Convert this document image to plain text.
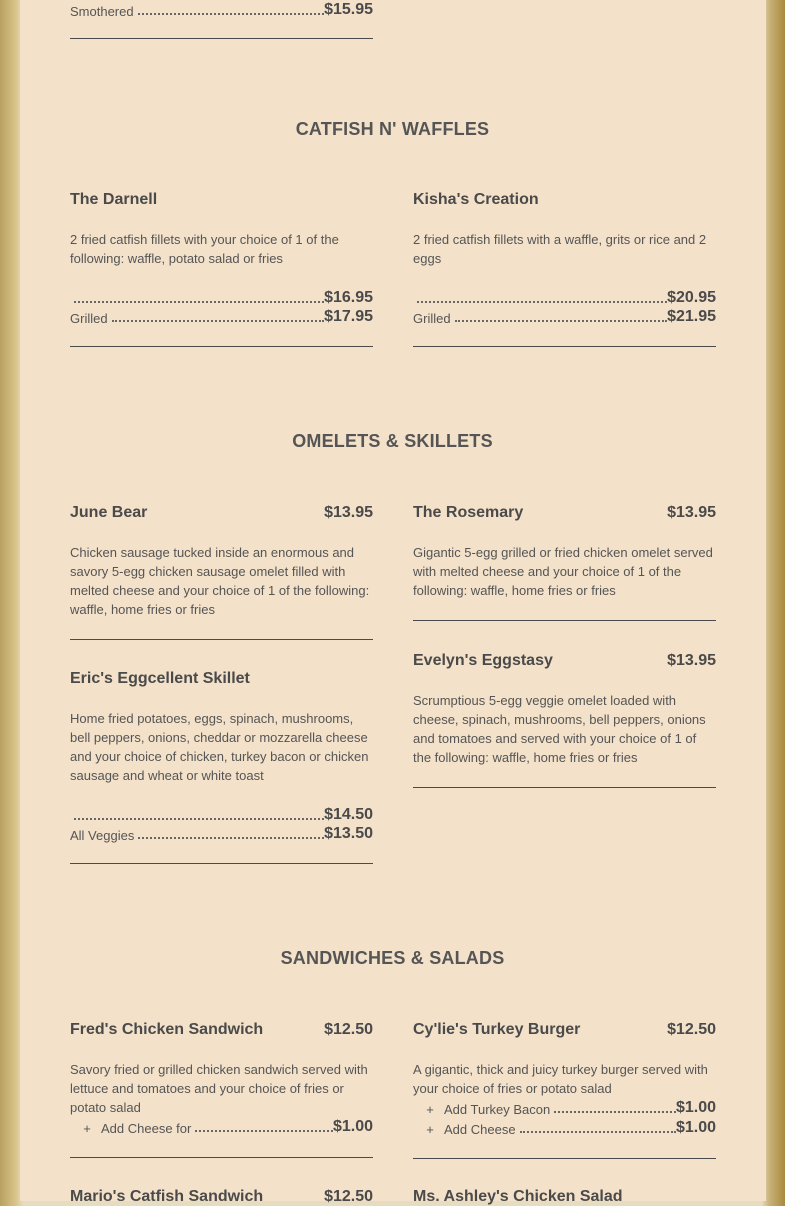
Smothered	$15.95
CATFISH N' WAFFLES
The Darnell
2 fried catfish fillets with your choice of 1 of the following: waffle, potato salad or fries
$16.95
Grilled	$17.95
Kisha's Creation
2 fried catfish fillets with a waffle, grits or rice and 2 eggs
$20.95
Grilled	$21.95
OMELETS & SKILLETS
June Bear	$13.95
Chicken sausage tucked inside an enormous and savory 5-egg chicken sausage omelet filled with melted cheese and your choice of 1 of the following: waffle, home fries or fries
The Rosemary	$13.95
Gigantic 5-egg grilled or fried chicken omelet served with melted cheese and your choice of 1 of the following: waffle, home fries or fries
Eric's Eggcellent Skillet
Home fried potatoes, eggs, spinach, mushrooms, bell peppers, onions, cheddar or mozzarella cheese and your choice of chicken, turkey bacon or chicken sausage and wheat or white toast
$14.50
All Veggies	$13.50
Evelyn's Eggstasy	$13.95
Scrumptious 5-egg veggie omelet loaded with cheese, spinach, mushrooms, bell peppers, onions and tomatoes and served with your choice of 1 of the following: waffle, home fries or fries
SANDWICHES & SALADS
Fred's Chicken Sandwich	$12.50
Savory fried or grilled chicken sandwich served with lettuce and tomatoes and your choice of fries or potato salad
+ Add Cheese for	$1.00
Cy'lie's Turkey Burger	$12.50
A gigantic, thick and juicy turkey burger served with your choice of fries or potato salad
+ Add Turkey Bacon	$1.00
+ Add Cheese	$1.00
Mario's Catfish Sandwich	$12.50	Ms. Ashley's Chicken Salad
